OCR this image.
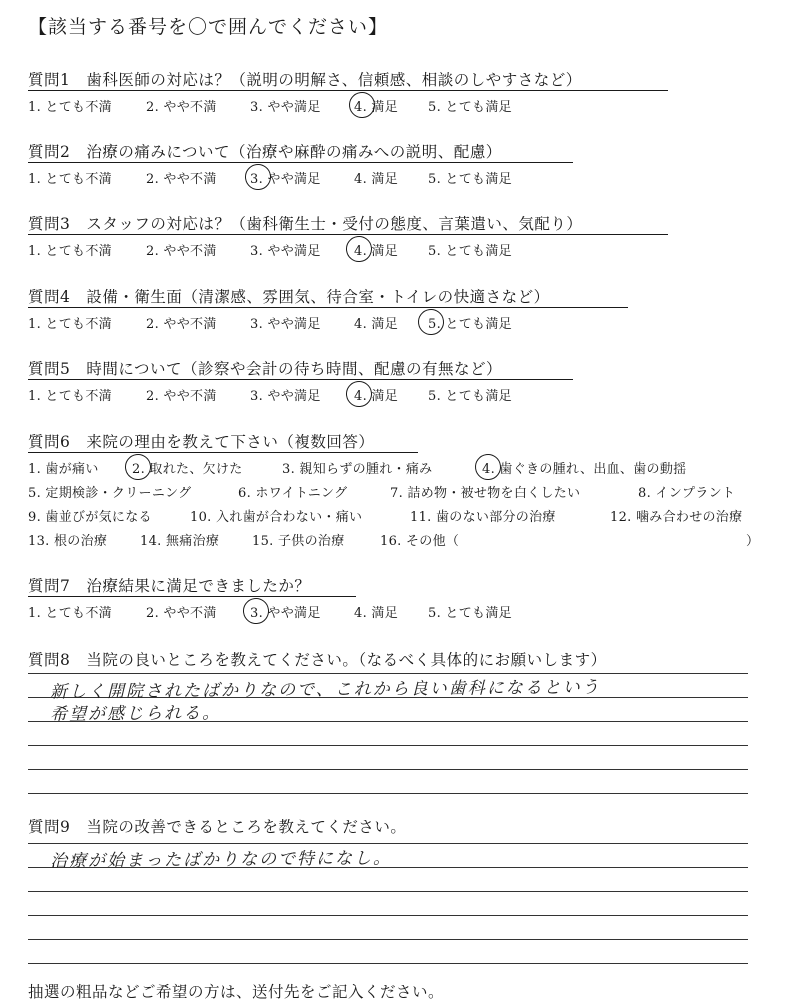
【該当する番号を〇で囲んでください】
質問1　歯科医師の対応は？（説明の明解さ、信頼感、相談のしやすさなど）
1. とても不満	2. やや不満	3. やや満足	4. 満足 5. とても満足
質問2　治療の痛みについて（治療や麻酔の痛みへの説明、配慮）
1. とても不満	2. やや不満	3. やや満足	4. 満足 5. とても満足
質問3　スタッフの対応は？（歯科衛生士・受付の態度、言葉遣い、気配り）
1. とても不満	2. やや不満	3. やや満足	4. 満足 5. とても満足
質問4　設備・衛生面（清潔感、雰囲気、待合室・トイレの快適さなど）
1. とても不満	2. やや不満	3. やや満足	4. 満足 5. とても満足
質問5　時間について（診察や会計の待ち時間、配慮の有無など）
1. とても不満	2. やや不満	3. やや満足	4. 満足 5. とても満足
質問6　来院の理由を教えて下さい（複数回答）
1. 歯が痛い	2. 取れた、欠けた	3. 親知らずの腫れ・痛み	4. 歯ぐきの腫れ、出血、歯の動揺
5. 定期検診・クリーニング	6. ホワイトニング	7. 詰め物・被せ物を白くしたい	8. インプラント
9. 歯並びが気になる	10. 入れ歯が合わない・痛い	11. 歯のない部分の治療	12. 噛み合わせの治療
13. 根の治療	14. 無痛治療	15. 子供の治療	16. その他（	）
質問7　治療結果に満足できましたか？
1. とても不満	2. やや不満	3. やや満足	4. 満足 5. とても満足
質問8　当院の良いところを教えてください。（なるべく具体的にお願いします）
新しく開院されたばかりなので、これから良い歯科になるという
希望が感じられる。
質問9　当院の改善できるところを教えてください。
治療が始まったばかりなので特になし。
抽選の粗品などご希望の方は、送付先をご記入ください。
